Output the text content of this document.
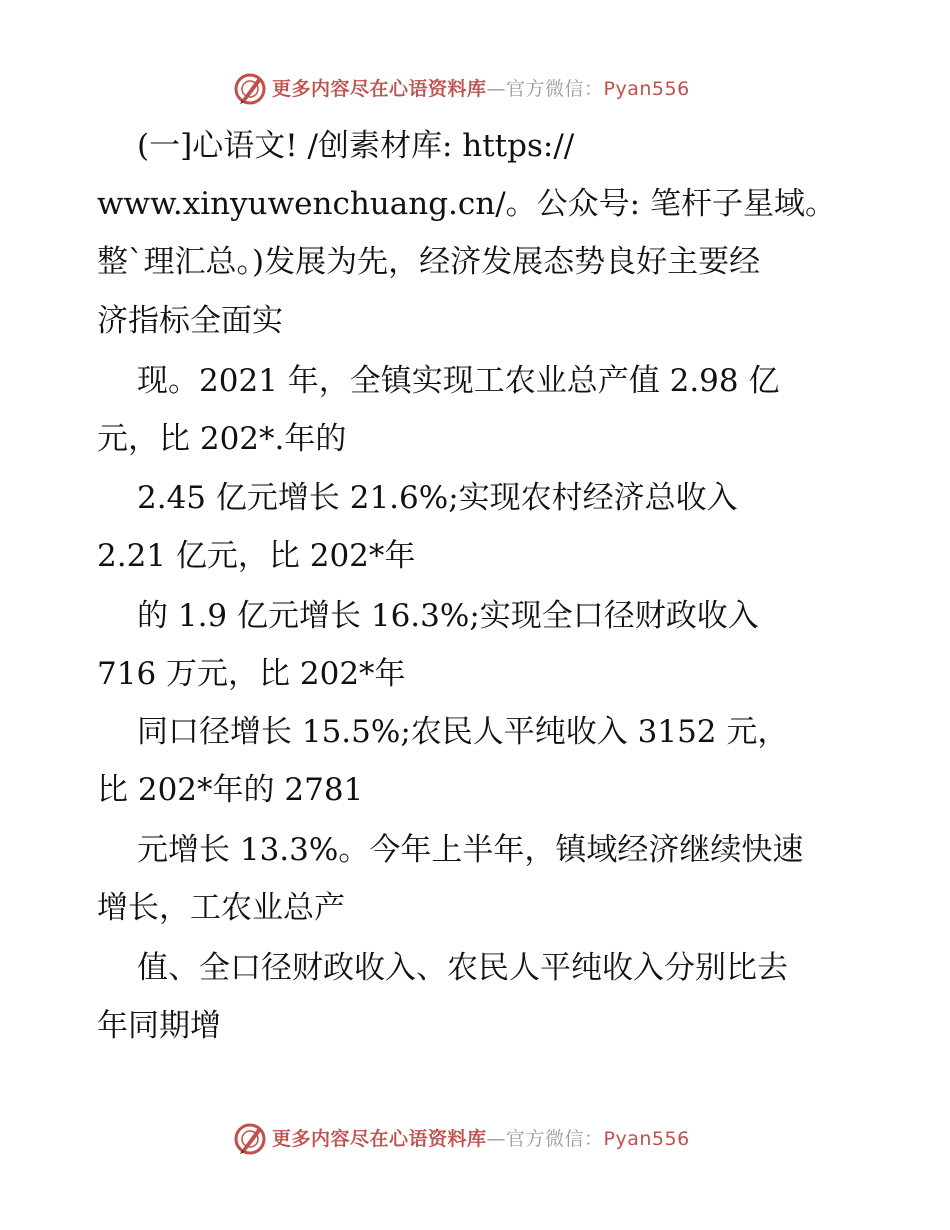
更多内容尽在心语资料库—官方微信：Pyan556
(一]心语文! /创素材库: https://
www.xinyuwenchuang.cn/。公众号: 笔杆子星域。
整`理汇总。)发展为先，经济发展态势良好主要经
济指标全面实
现。2021 年，全镇实现工农业总产值 2.98 亿
元，比 202*.年的
2.45 亿元增长 21.6%;实现农村经济总收入
2.21 亿元，比 202*年
的 1.9 亿元增长 16.3%;实现全口径财政收入
716 万元，比 202*年
同口径增长 15.5%;农民人平纯收入 3152 元，
比 202*年的 2781
元增长 13.3%。今年上半年，镇域经济继续快速
增长，工农业总产
值、全口径财政收入、农民人平纯收入分别比去
年同期增
更多内容尽在心语资料库—官方微信：Pyan556
